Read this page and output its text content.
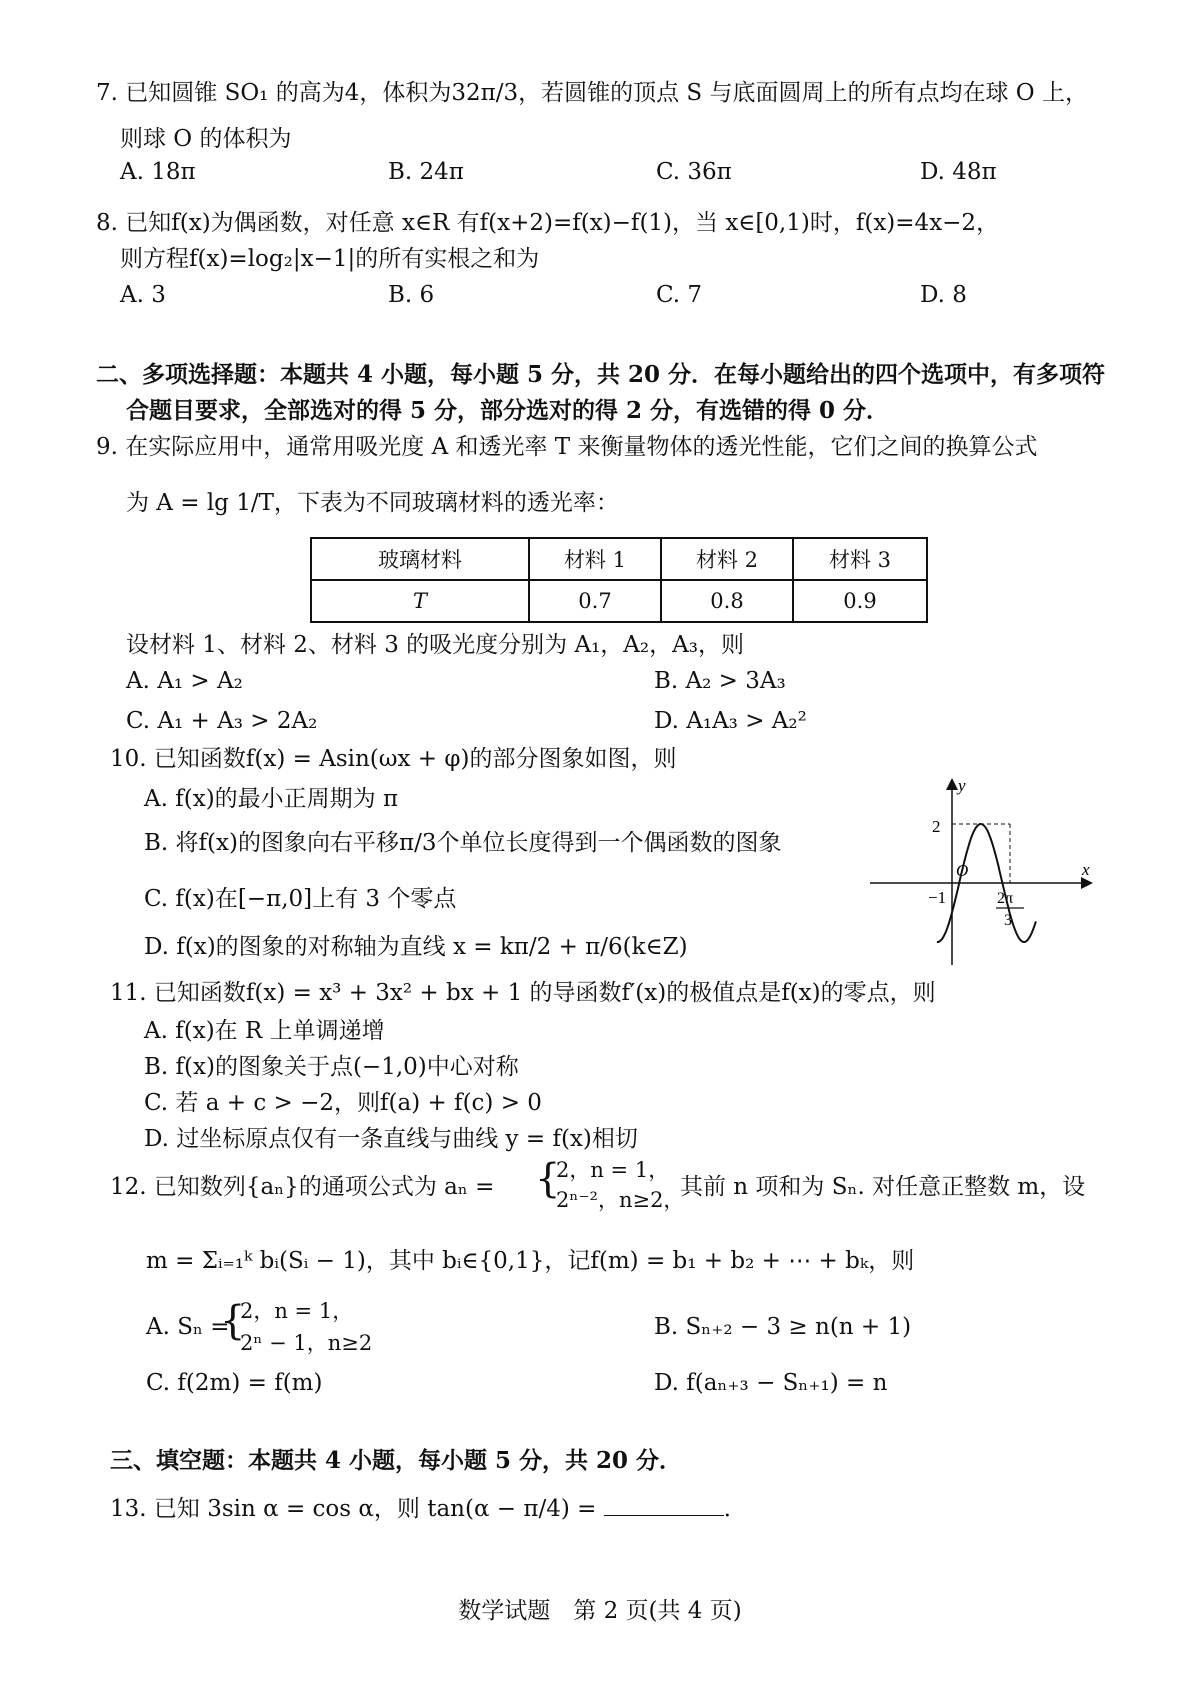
7. 已知圆锥 SO₁ 的高为4，体积为32π/3，若圆锥的顶点 S 与底面圆周上的所有点均在球 O 上，
则球 O 的体积为
A. 18π	B. 24π	C. 36π	D. 48π
8. 已知f(x)为偶函数，对任意 x∈R 有f(x+2)=f(x)−f(1)，当 x∈[0,1)时，f(x)=4x−2，
则方程f(x)=log₂|x−1|的所有实根之和为
A. 3	B. 6	C. 7	D. 8
二、多项选择题：本题共 4 小题，每小题 5 分，共 20 分．在每小题给出的四个选项中，有多项符
合题目要求，全部选对的得 5 分，部分选对的得 2 分，有选错的得 0 分．
9. 在实际应用中，通常用吸光度 A 和透光率 T 来衡量物体的透光性能，它们之间的换算公式
为 A = lg 1/T，下表为不同玻璃材料的透光率：
玻璃材料	材料 1	材料 2	材料 3
T	0.7	0.8	0.9
设材料 1、材料 2、材料 3 的吸光度分别为 A₁，A₂，A₃，则
A. A₁ > A₂	B. A₂ > 3A₃
C. A₁ + A₃ > 2A₂	D. A₁A₃ > A₂²
10. 已知函数f(x) = Asin(ωx + φ)的部分图象如图，则
A. f(x)的最小正周期为 π
B. 将f(x)的图象向右平移π/3个单位长度得到一个偶函数的图象
C. f(x)在[−π,0]上有 3 个零点
D. f(x)的图象的对称轴为直线 x = kπ/2 + π/6(k∈Z)
y
x
O
2
−1	2π
3
11. 已知函数f(x) = x³ + 3x² + bx + 1 的导函数f′(x)的极值点是f(x)的零点，则
A. f(x)在 R 上单调递增
B. f(x)的图象关于点(−1,0)中心对称
C. 若 a + c > −2，则f(a) + f(c) > 0
D. 过坐标原点仅有一条直线与曲线 y = f(x)相切
12. 已知数列{aₙ}的通项公式为 aₙ = {
2，n = 1，
2ⁿ⁻²，n≥2，
其前 n 项和为 Sₙ. 对任意正整数 m，设
m = Σᵢ₌₁ᵏ bᵢ(Sᵢ − 1)，其中 bᵢ∈{0,1}，记f(m) = b₁ + b₂ + ⋯ + bₖ，则
A. Sₙ =
{
2，n = 1，
2ⁿ − 1，n≥2
B. Sₙ₊₂ − 3 ≥ n(n + 1)
C. f(2m) = f(m)	D. f(aₙ₊₃ − Sₙ₊₁) = n
三、填空题：本题共 4 小题，每小题 5 分，共 20 分．
13. 已知 3sin α = cos α，则 tan(α − π/4) =	．
数学试题　第 2 页(共 4 页)
